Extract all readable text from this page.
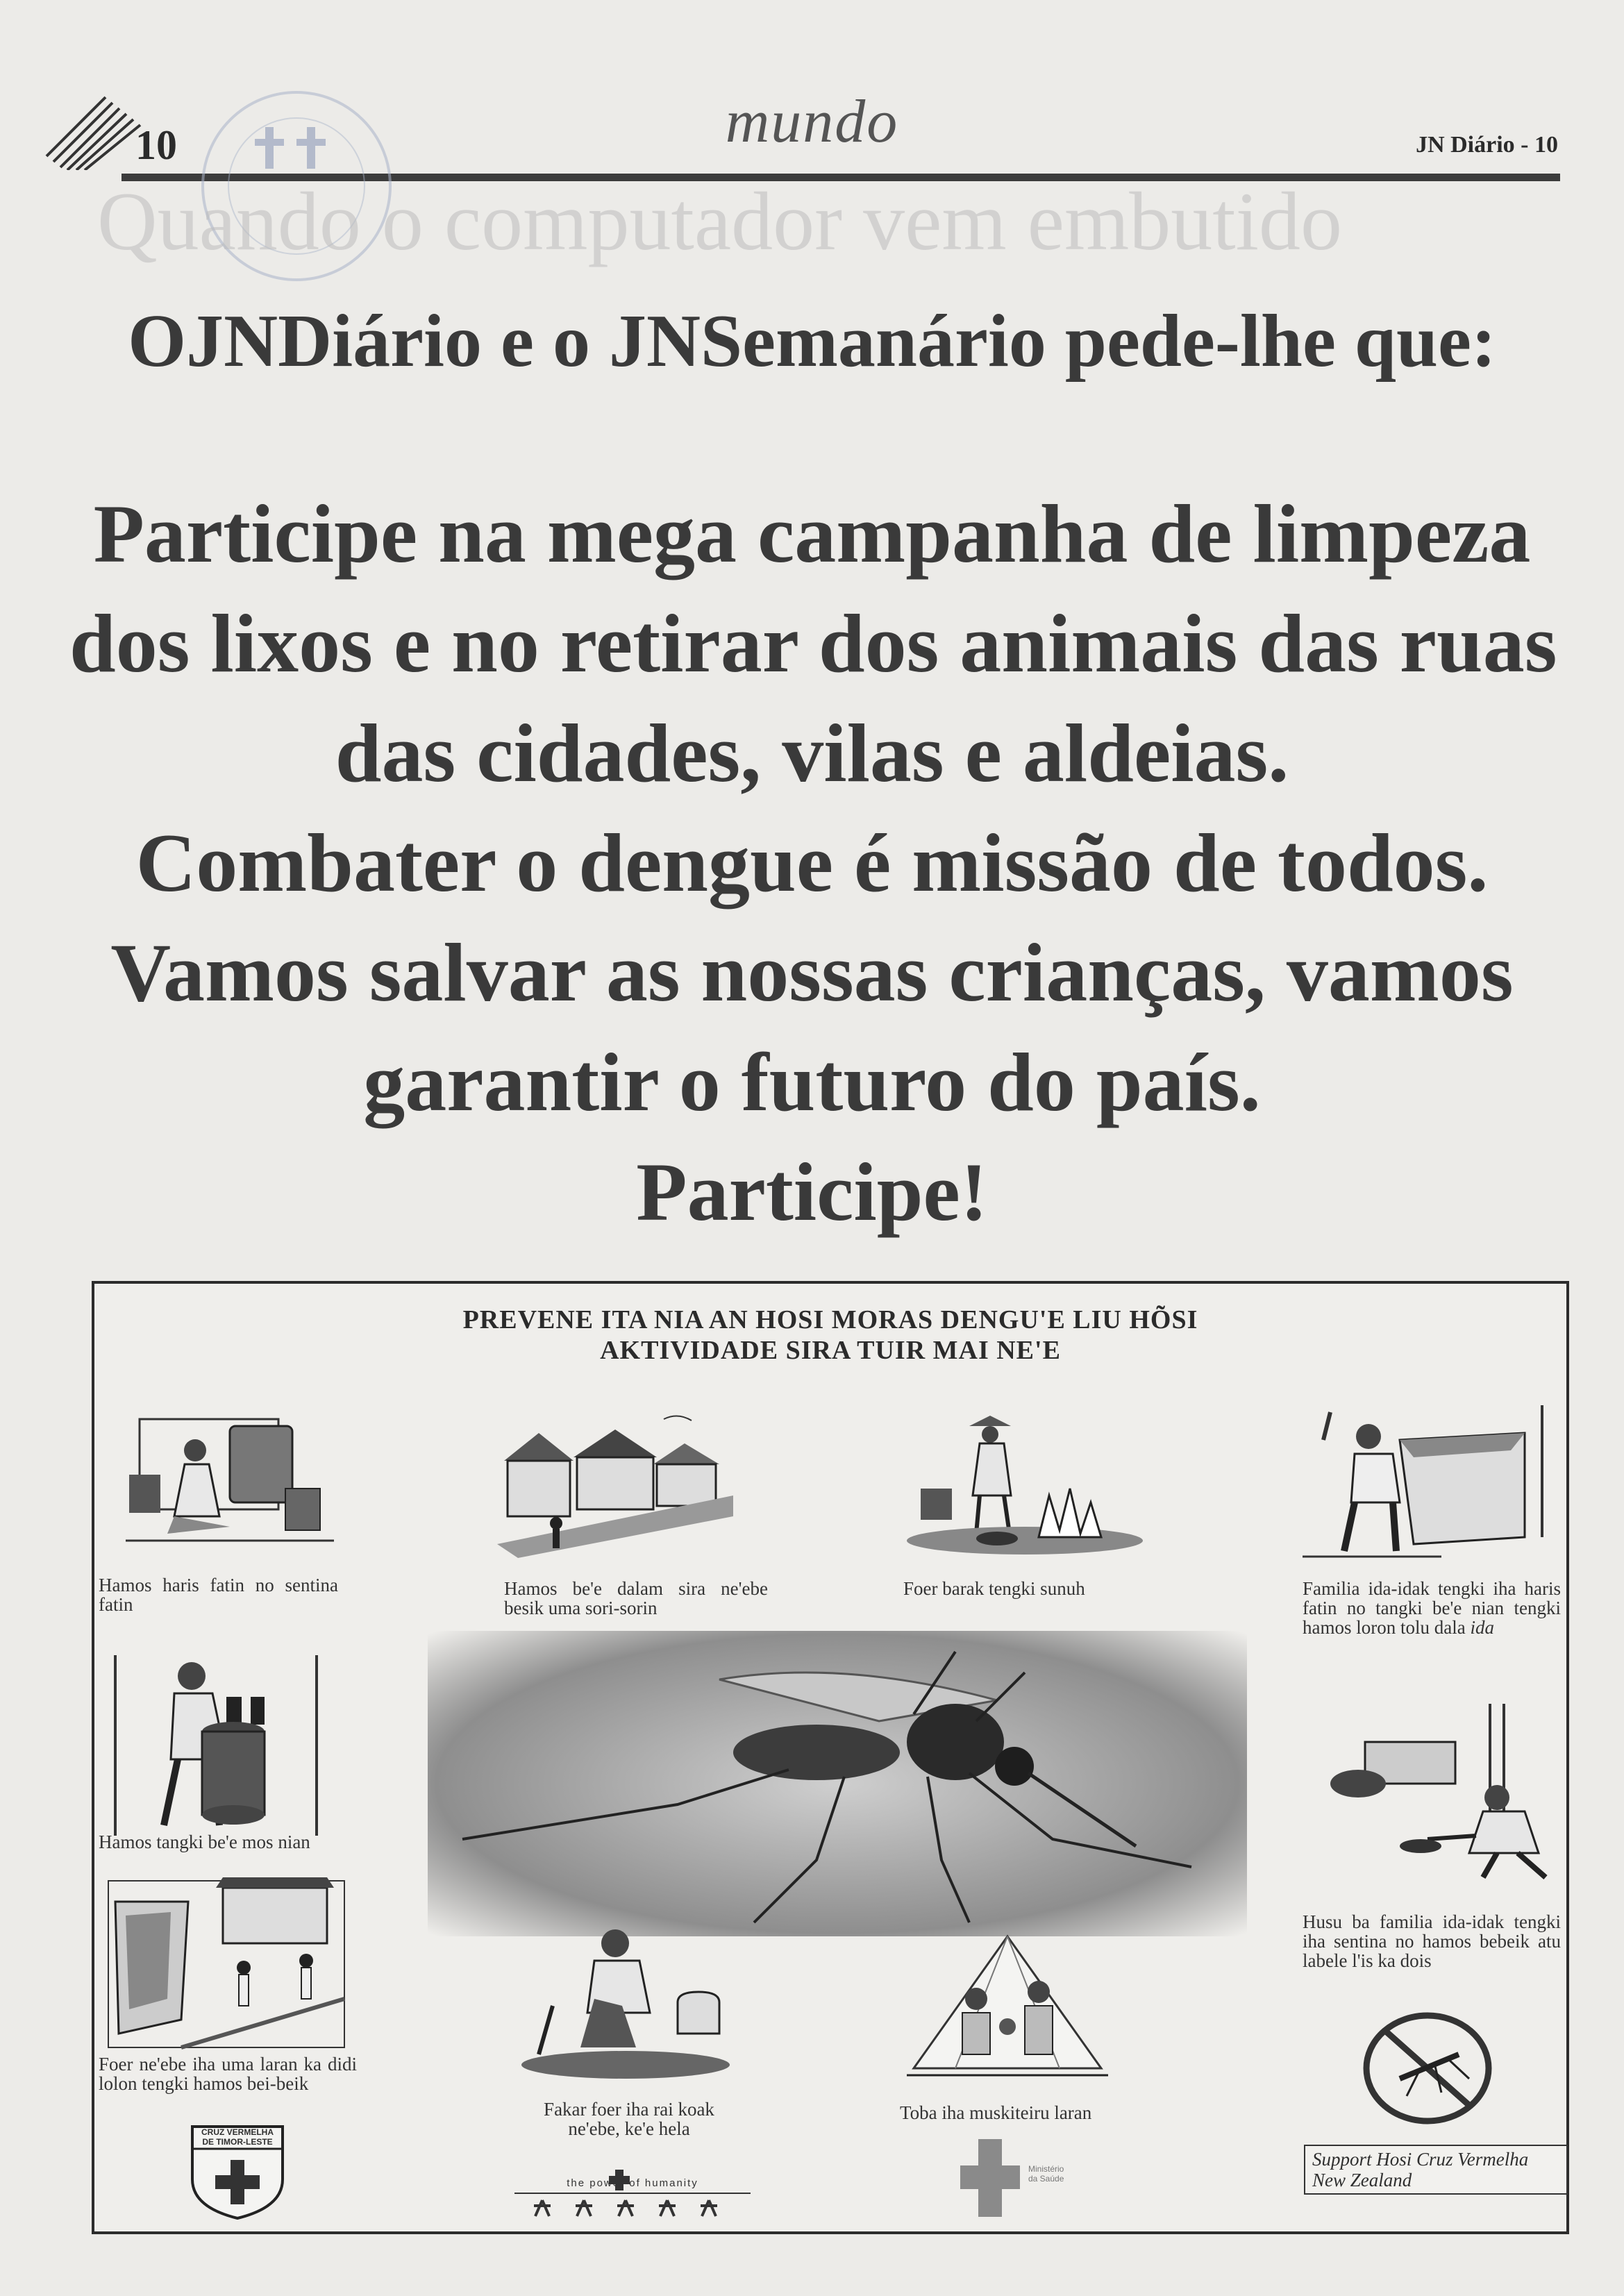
10	mundo	JN Diário - 10
Quando o computador vem embutido
OJNDiário e o JNSemanário pede-lhe que:
Participe na mega campanha de limpeza
dos lixos e no retirar dos animais das ruas
das cidades, vilas e aldeias.
Combater o dengue é missão de todos.
Vamos salvar as nossas crianças, vamos
garantir o futuro do país.
Participe!
PREVENE ITA NIA AN HOSI MORAS DENGU'E LIU HÕSI
AKTIVIDADE SIRA TUIR MAI NE'E
Hamos haris fatin no sentina fatin
Hamos be'e dalam sira ne'ebe besik uma sori-sorin
Foer barak tengki sunuh	Familia ida-idak tengki iha haris fatin no tangki be'e nian tengki hamos loron tolu dala ida
Hamos tangki be'e mos nian
Husu ba familia ida-idak tengki iha sentina no hamos bebeik atu labele l'is ka dois
Foer ne'ebe iha uma laran ka didi lolon tengki hamos bei-beik
Fakar foer iha rai koak ne'ebe, ke'e hela
Toba iha muskiteiru laran
CRUZ VERMELHA
DE TIMOR-LESTE
the power of humanity
Ministério
da Saúde
Support Hosi Cruz Vermelha
New Zealand
